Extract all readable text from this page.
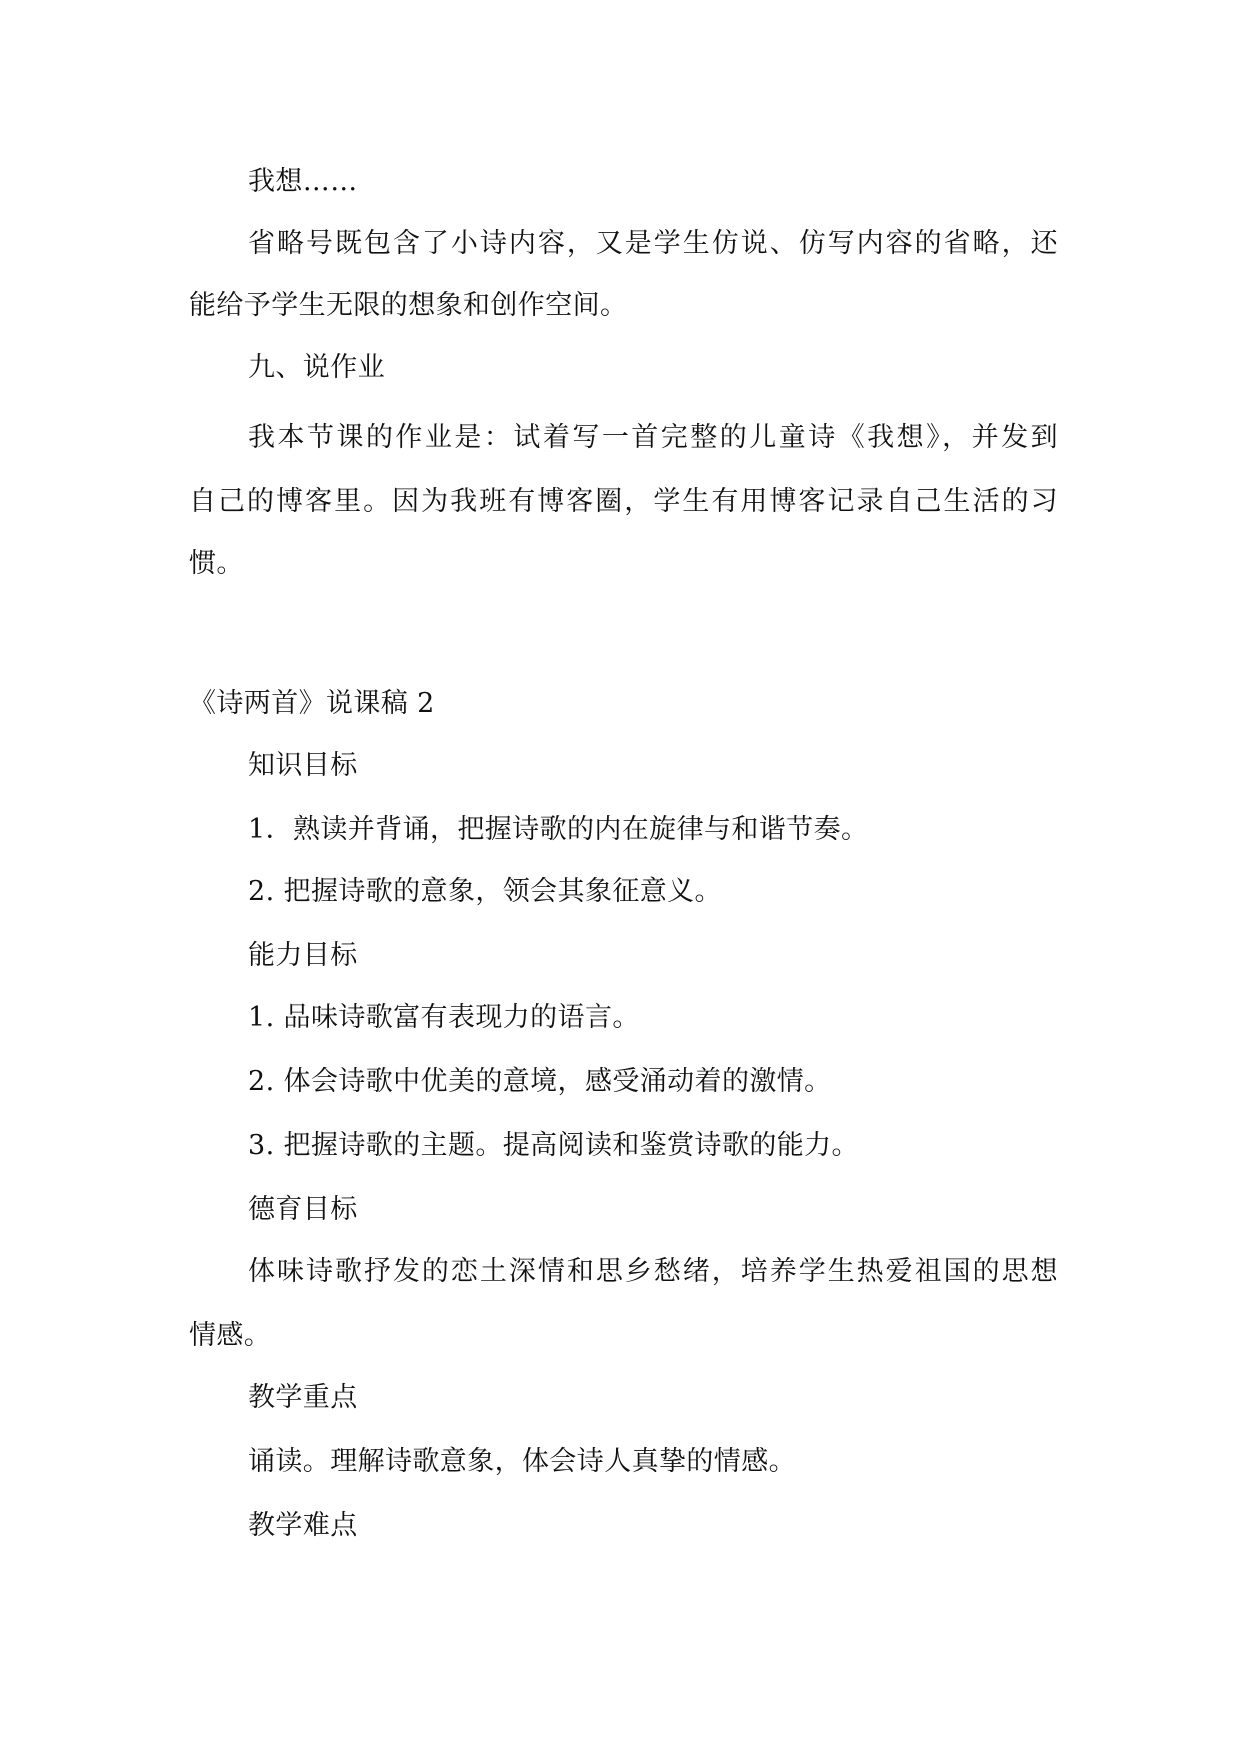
我想……
省略号既包含了小诗内容，又是学生仿说、仿写内容的省略，还
能给予学生无限的想象和创作空间。
九、说作业
我本节课的作业是：试着写一首完整的儿童诗《我想》，并发到
自己的博客里。因为我班有博客圈，学生有用博客记录自己生活的习
惯。
《诗两首》说课稿 2
知识目标
1．熟读并背诵，把握诗歌的内在旋律与和谐节奏。
2. 把握诗歌的意象，领会其象征意义。
能力目标
1. 品味诗歌富有表现力的语言。
2. 体会诗歌中优美的意境，感受涌动着的激情。
3. 把握诗歌的主题。提高阅读和鉴赏诗歌的能力。
德育目标
体味诗歌抒发的恋土深情和思乡愁绪，培养学生热爱祖国的思想
情感。
教学重点
诵读。理解诗歌意象，体会诗人真挚的情感。
教学难点
